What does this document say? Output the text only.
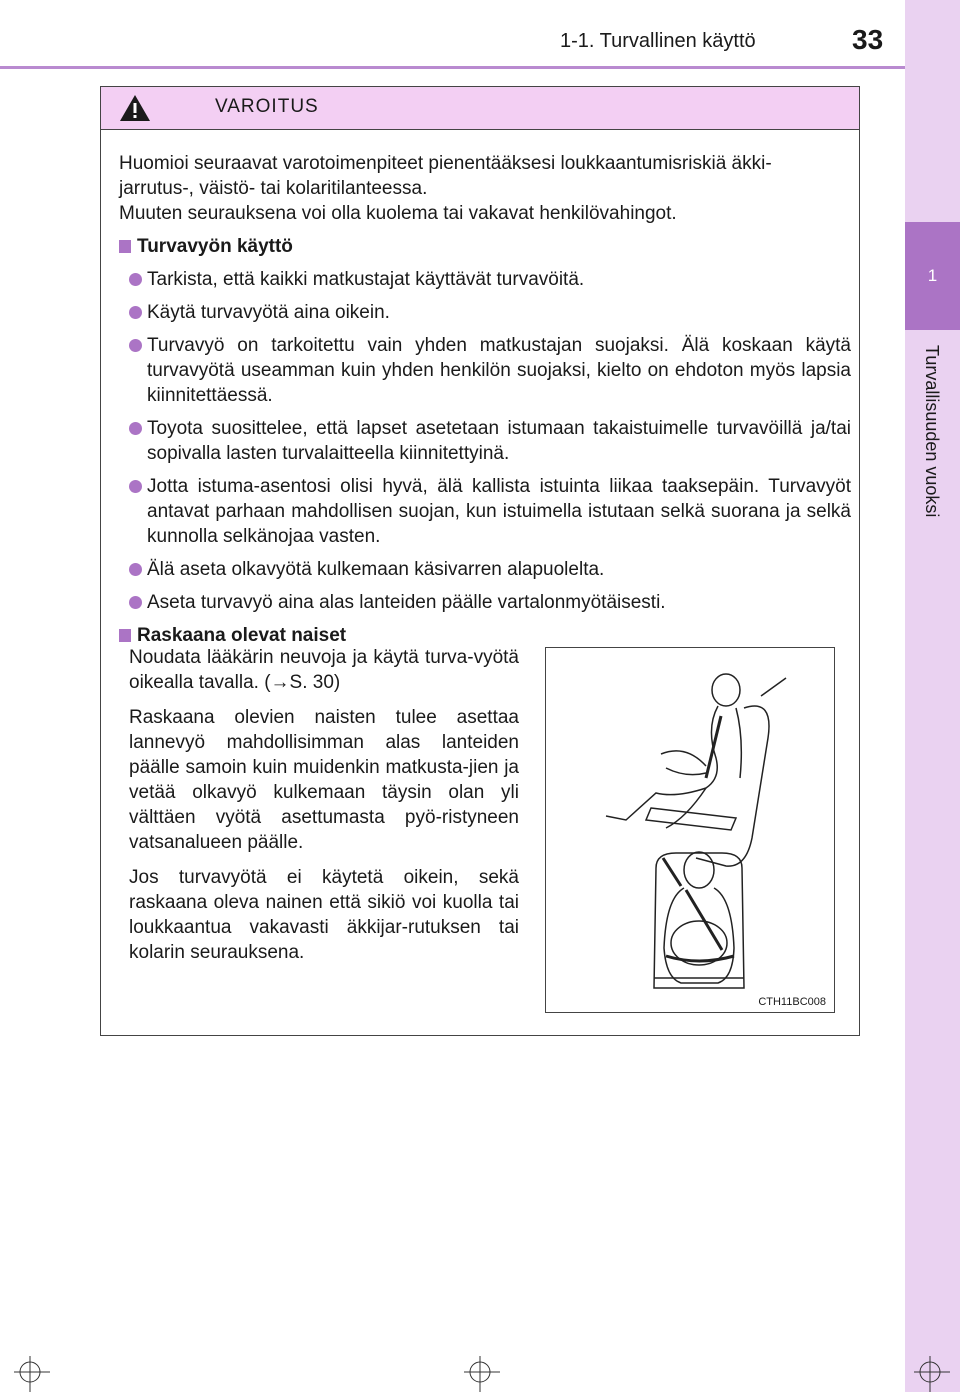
1-1. Turvallinen käyttö	33
1
Turvallisuuden vuoksi
VAROITUS

Huomioi seuraavat varotoimenpiteet pienentääksesi loukkaantumisriskiä äkki-

jarrutus-, väistö- tai kolaritilanteessa.

Muuten seurauksena voi olla kuolema tai vakavat henkilövahingot.

Turvavyön käyttö
Tarkista, että kaikki matkustajat käyttävät turvavöitä.
Käytä turvavyötä aina oikein.
Turvavyö on tarkoitettu vain yhden matkustajan suojaksi. Älä koskaan käytä turvavyötä useamman kuin yhden henkilön suojaksi, kielto on ehdoton myös lapsia kiinnitettäessä.
Toyota suosittelee, että lapset asetetaan istumaan takaistuimelle turvavöillä ja/tai sopivalla lasten turvalaitteella kiinnitettyinä.
Jotta istuma-asentosi olisi hyvä, älä kallista istuinta liikaa taaksepäin. Turvavyöt antavat parhaan mahdollisen suojan, kun istuimella istutaan selkä suorana ja selkä kunnolla selkänojaa vasten.
Älä aseta olkavyötä kulkemaan käsivarren alapuolelta.
Aseta turvavyö aina alas lanteiden päälle vartalonmyötäisesti.
Raskaana olevat naiset

Noudata lääkärin neuvoja ja käytä turva-vyötä oikealla tavalla. (→S. 30)

Raskaana olevien naisten tulee asettaa lannevyö mahdollisimman alas lanteiden päälle samoin kuin muidenkin matkusta-jien ja vetää olkavyö kulkemaan täysin olan yli välttäen vyötä asettumasta pyö-ristyneen vatsanalueen päälle.

Jos turvavyötä ei käytetä oikein, sekä raskaana oleva nainen että sikiö voi kuolla tai loukkaantua vakavasti äkkijar-rutuksen tai kolarin seurauksena.

CTH11BC008
